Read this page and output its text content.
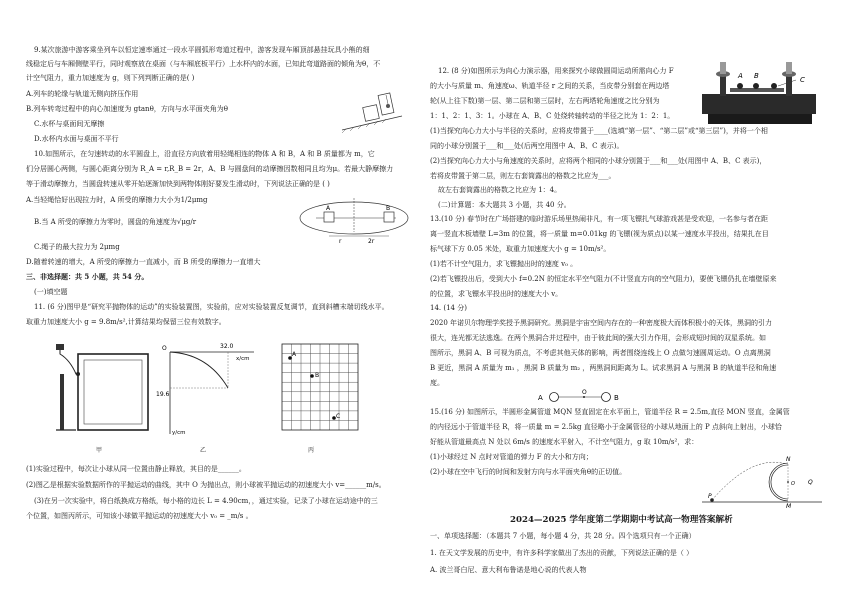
9.某次旅游中游客乘坐列车以恒定速率通过一段水平圆弧形弯道过程中，游客发现车厢顶部悬挂玩具小熊的细
线稳定后与车厢侧壁平行，同时观察放在桌面（与车厢底板平行）上水杯内的水面，已知此弯道路面的倾角为θ，不
计空气阻力，重力加速度为 g，则下列判断正确的是( )
A.列车的轮缘与轨道无侧向挤压作用
B.列车转弯过程中的向心加速度为 gtanθ，方向与水平面夹角为θ
C.水杯与桌面间无摩擦
D.水杯内水面与桌面不平行
10.如图所示，在匀速转动的水平圆盘上，沿直径方向放着用轻绳相连的物体 A 和 B，A 和 B 质量都为 m，它
们分居圆心两侧，与圆心距离分别为 R_A = r,R_B = 2r，A、B 与圆盘间的动摩擦因数相同且均为μ。若最大静摩擦力
等于滑动摩擦力，当圆盘转速从零开始逐渐加快到两物体刚好要发生滑动时，下列说法正确的是 ( )
A.当轻绳恰好出现拉力时，A 所受的摩擦力大小为1/2μmg
B.当 A 所受的摩擦力为零时，圆盘的角速度为√μg/r
C.绳子的最大拉力为 2μmg
D.随着转速的增大，A 所受的摩擦力一直减小，而 B 所受的摩擦力一直增大
A	B
r	2r
三、非选择题：共 5 小题，共 54 分。
(一)填空题
11. (6 分)图甲是“研究平抛物体的运动”的实验装置图，实验前，应对实验装置反复调节，直到斜槽末端切线水平。
取重力加速度大小 g = 9.8m/s²,计算结果均保留三位有效数字。
甲
O	32.0
x/cm
19.6
y/cm
乙
A
B
C
丙
(1)实验过程中，每次让小球从同一位置由静止释放，其目的是______。
(2)图乙是根据实验数据所作的平抛运动的曲线，其中 O 为抛出点，则小球被平抛运动的初速度大小 v=______m/s。
(3)在另一次实验中，将白纸换成方格纸，每小格的边长 L = 4.90cm，，通过实验，记录了小球在运动途中的三
个位置，如图丙所示，可知该小球做平抛运动的初速度大小 v₀ = _m/s 。
12. (8 分)如图所示为向心力演示器，用来探究小球做圆周运动所需向心力 F
的大小与质量 m、角速度ω、轨道半径 r 之间的关系，当皮带分别套在两边塔
轮(从上往下数)第一层、第二层和第三层时，左右两塔轮角速度之比分别为
1：1、2：1、3：1。小球在 A、B、C 处绕转轴转动的半径之比为 1：2：1。
A B	C
(1)当探究向心力大小与半径的关系时，应将皮带置于____(选填“第一层”、“第二层”或“第三层”)，并将一个相
同的小球分别置于___和___处(后两空用图中 A、B、C 表示)。
(2)当探究向心力大小与角速度的关系时，应将两个相同的小球分别置于___和___处(用图中 A、B、C 表示)，
若将皮带置于第二层，则左右套筒露出的格数之比应为___。
故左右套筒露出的格数之比应为 1：4。
(二)计算题：本大题共 3 小题，共 40 分。
13.(10 分) 春节时在广场搭建的临时游乐场里热闹非凡，有一项飞镖扎气球游戏甚是受欢迎，一名参与者在距
离一竖直木板墙壁 L=3m 的位置，将一质量 m=0.01kg 的飞镖(视为质点)以某一速度水平投出，结果扎在目
标气球下方 0.05 米处，取重力加速度大小 g = 10m/s²。
(1)若不计空气阻力，求飞镖抛出时的速度 v₀ 。
(2)若飞镖投出后，受到大小 f=0.2N 的恒定水平空气阻力(不计竖直方向的空气阻力)，要使飞镖仍扎在墙壁原来
的位置，求飞镖水平投出时的速度大小 v。
14. (14 分)
2020 年诺贝尔物理学奖授予黑洞研究。黑洞是宇宙空间内存在的一种密度极大而体积极小的天体，黑洞的引力
很大，连光都无法逃逸。在两个黑洞合并过程中，由于彼此间的强大引力作用，会形成短时间的双星系统。如
图所示，黑洞 A、B 可视为质点，不考虑其他天体的影响，两者围绕连线上 O 点做匀速圆周运动。O 点离黑洞
B 更近，黑洞 A 质量为 m₁ ，黑洞 B 质量为 m₂ ，两黑洞间距离为 L。试求黑洞 A 与黑洞 B 的轨道半径和角速
度。
A
O
B
15.(16 分) 如图所示，半圆形金属管道 MQN 竖直固定在水平面上，管道半径 R = 2.5m,直径 MON 竖直，金属管
的内径远小于管道半径 R，将一质量 m = 2.5kg 直径略小于金属管径的小球从地面上的 P 点斜向上射出，小球恰
好能从管道最高点 N 处以 6m/s 的速度水平射入，不计空气阻力，g 取 10m/s²，求：
(1)小球经过 N 点时对管道的弹力 F 的大小和方向；
(2)小球在空中飞行的时间和发射方向与水平面夹角θ的正切值。
N
Q
P
M
O
2024—2025 学年度第二学期期中考试高一物理答案解析
一、单项选择题：（本题共 7 小题，每小题 4 分，共 28 分。四个选项只有一个正确）
1. 在天文学发展的历史中，有许多科学家做出了杰出的贡献，下列说法正确的是（ ）
A. 波兰哥白尼、意大利布鲁诺是地心说的代表人物
